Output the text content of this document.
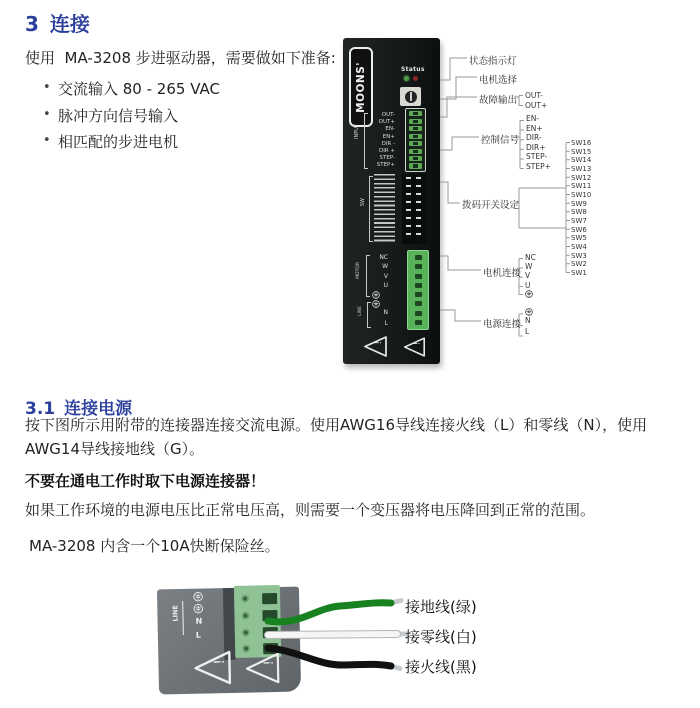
3 连接
使用  MA-3208 步进驱动器，需要做如下准备:
• 交流输入 80 - 265 VAC
• 脉冲方向信号输入
• 相匹配的步进电机
MOONS'	Status
INPUT
OUT-
OUT+
EN-
EN+
DIR -
DIR +
STEP-
STEP+
SW
MOTOR
NC
W
V
U
LINE	N
L
!	!
状态指示灯
电机选择
故障输出
控制信号
拨码开关设定
电机连接
电源连接
OUT-
OUT+
EN-
EN+
DIR-
DIR+
STEP-
STEP+
SW16
SW15
SW14
SW13
SW12
SW11
SW10
SW9
SW8
SW7
SW6
SW5
SW4
SW3
SW2
SW1
NC
W
V
U
N
L
3.1 连接电源
按下图所示用附带的连接器连接交流电源。使用AWG16导线连接火线（L）和零线（N），使用AWG14导线接地线（G）。
不要在通电工作时取下电源连接器！
如果工作环境的电源电压比正常电压高，则需要一个变压器将电压降回到正常的范围。
MA-3208 内含一个10A快断保险丝。
LINE N
L
! !
接地线(绿)
接零线(白)
接火线(黑)
